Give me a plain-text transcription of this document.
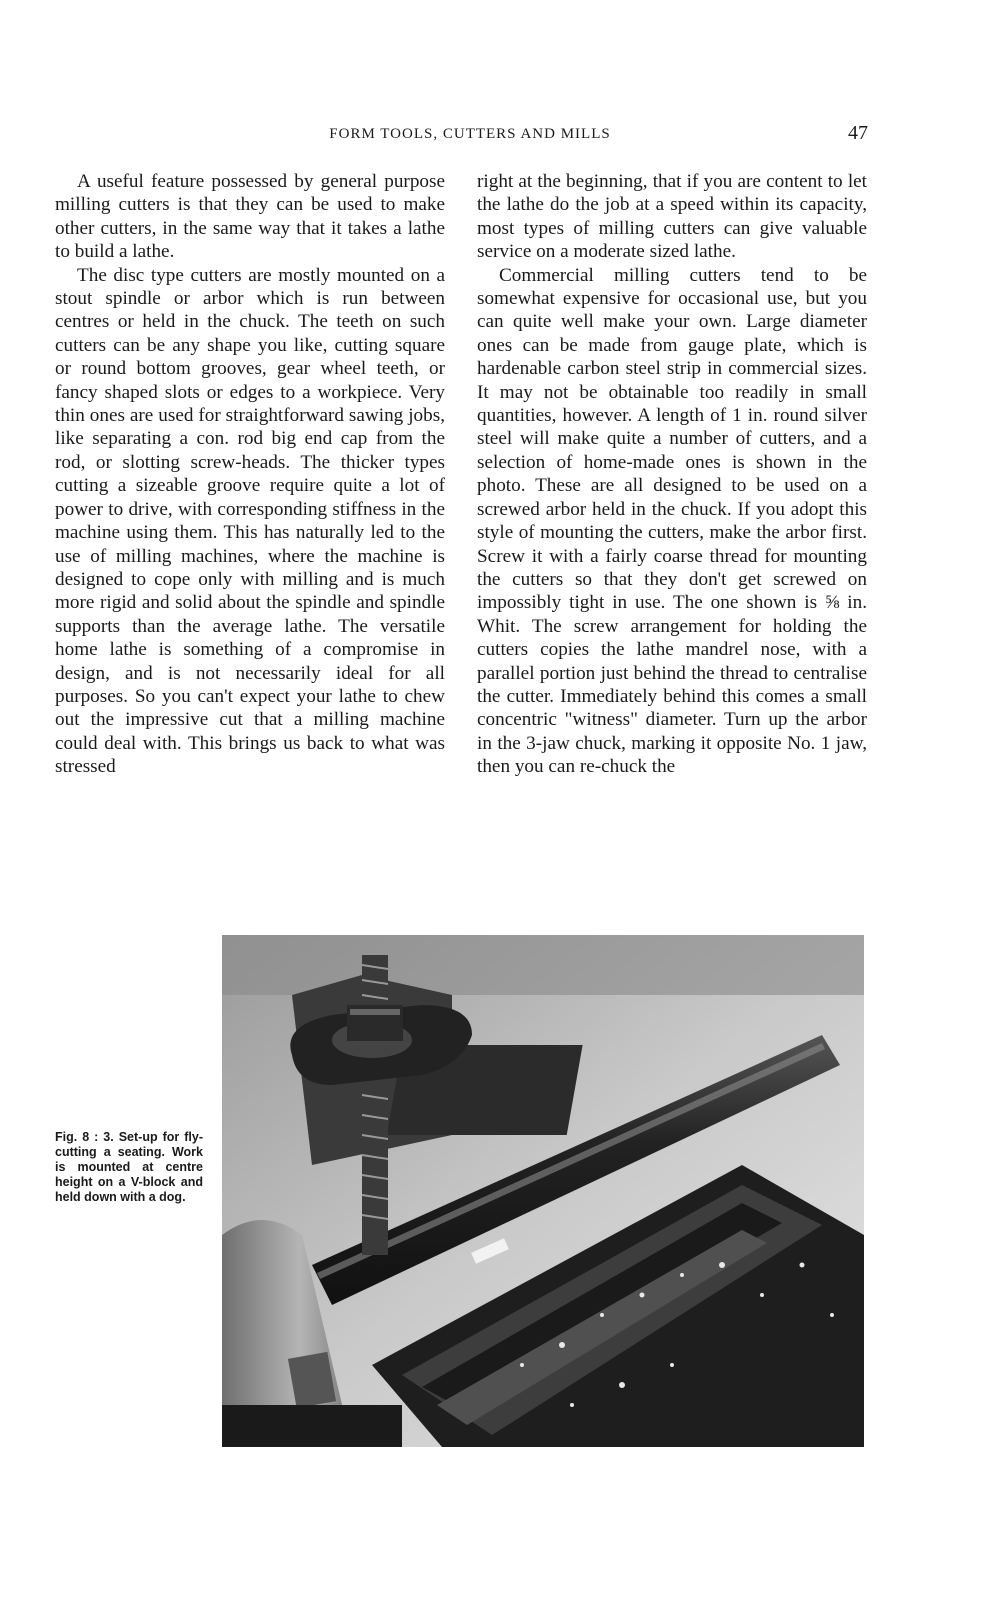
FORM TOOLS, CUTTERS AND MILLS	47

A useful feature possessed by general purpose milling cutters is that they can be used to make other cutters, in the same way that it takes a lathe to build a lathe.

The disc type cutters are mostly mounted on a stout spindle or arbor which is run between centres or held in the chuck. The teeth on such cutters can be any shape you like, cutting square or round bottom grooves, gear wheel teeth, or fancy shaped slots or edges to a workpiece. Very thin ones are used for straightforward sawing jobs, like separating a con. rod big end cap from the rod, or slotting screw-heads. The thicker types cutting a sizeable groove require quite a lot of power to drive, with corresponding stiffness in the machine using them. This has naturally led to the use of milling machines, where the machine is designed to cope only with milling and is much more rigid and solid about the spindle and spindle supports than the average lathe. The versatile home lathe is something of a compromise in design, and is not necessarily ideal for all purposes. So you can't expect your lathe to chew out the impressive cut that a milling machine could deal with. This brings us back to what was stressed

right at the beginning, that if you are content to let the lathe do the job at a speed within its capacity, most types of milling cutters can give valuable service on a moderate sized lathe.

Commercial milling cutters tend to be somewhat expensive for occasional use, but you can quite well make your own. Large diameter ones can be made from gauge plate, which is hardenable carbon steel strip in commercial sizes. It may not be obtainable too readily in small quantities, however. A length of 1 in. round silver steel will make quite a number of cutters, and a selection of home-made ones is shown in the photo. These are all designed to be used on a screwed arbor held in the chuck. If you adopt this style of mounting the cutters, make the arbor first. Screw it with a fairly coarse thread for mounting the cutters so that they don't get screwed on impossibly tight in use. The one shown is ⅝ in. Whit. The screw arrangement for holding the cutters copies the lathe mandrel nose, with a parallel portion just behind the thread to centralise the cutter. Immediately behind this comes a small concentric "witness" diameter. Turn up the arbor in the 3-jaw chuck, marking it opposite No. 1 jaw, then you can re-chuck the

Fig. 8 : 3. Set-up for fly-cutting a seating. Work is mounted at centre height on a V-block and held down with a dog.
